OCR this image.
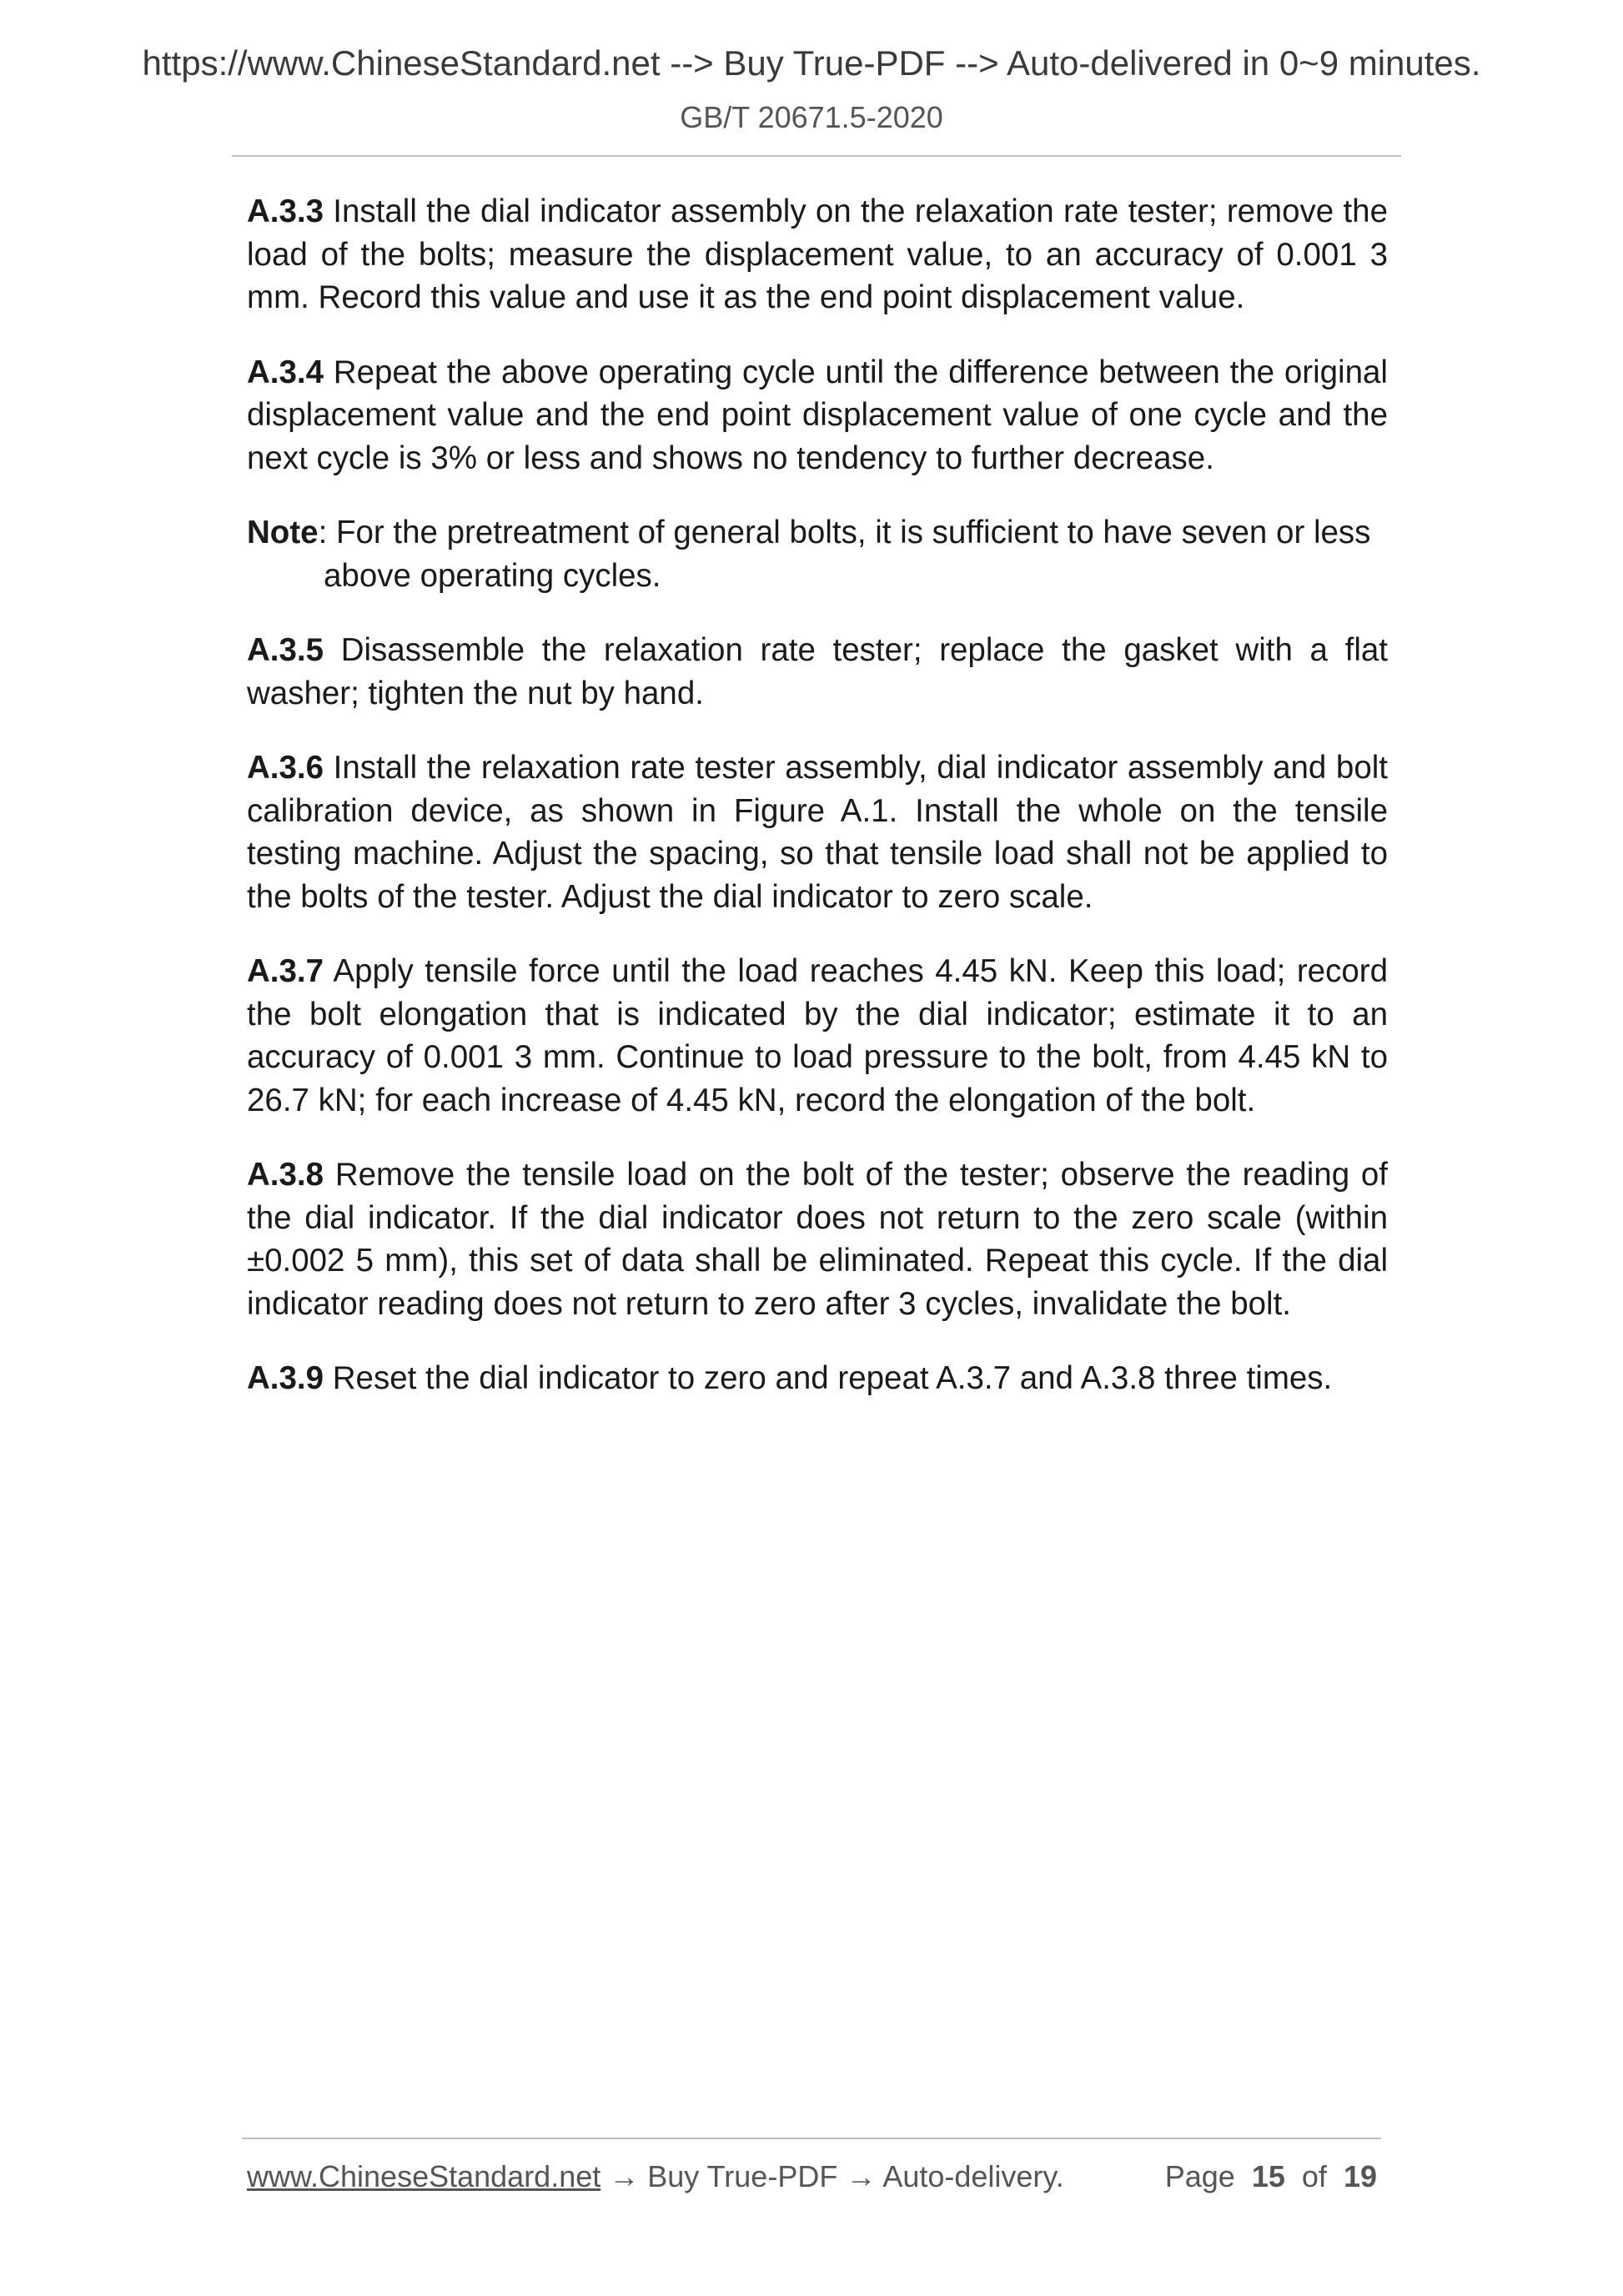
https://www.ChineseStandard.net --> Buy True-PDF --> Auto-delivered in 0~9 minutes.
GB/T 20671.5-2020

A.3.3 Install the dial indicator assembly on the relaxation rate tester; remove the load of the bolts; measure the displacement value, to an accuracy of 0.001 3 mm. Record this value and use it as the end point displacement value.

A.3.4 Repeat the above operating cycle until the difference between the original displacement value and the end point displacement value of one cycle and the next cycle is 3% or less and shows no tendency to further decrease.

Note: For the pretreatment of general bolts, it is sufficient to have seven or less above operating cycles.

A.3.5 Disassemble the relaxation rate tester; replace the gasket with a flat washer; tighten the nut by hand.

A.3.6 Install the relaxation rate tester assembly, dial indicator assembly and bolt calibration device, as shown in Figure A.1. Install the whole on the tensile testing machine. Adjust the spacing, so that tensile load shall not be applied to the bolts of the tester. Adjust the dial indicator to zero scale.

A.3.7 Apply tensile force until the load reaches 4.45 kN. Keep this load; record the bolt elongation that is indicated by the dial indicator; estimate it to an accuracy of 0.001 3 mm. Continue to load pressure to the bolt, from 4.45 kN to 26.7 kN; for each increase of 4.45 kN, record the elongation of the bolt.

A.3.8 Remove the tensile load on the bolt of the tester; observe the reading of the dial indicator. If the dial indicator does not return to the zero scale (within ±0.002 5 mm), this set of data shall be eliminated. Repeat this cycle. If the dial indicator reading does not return to zero after 3 cycles, invalidate the bolt.

A.3.9 Reset the dial indicator to zero and repeat A.3.7 and A.3.8 three times.

www.ChineseStandard.net → Buy True-PDF → Auto-delivery.	Page 15 of 19
